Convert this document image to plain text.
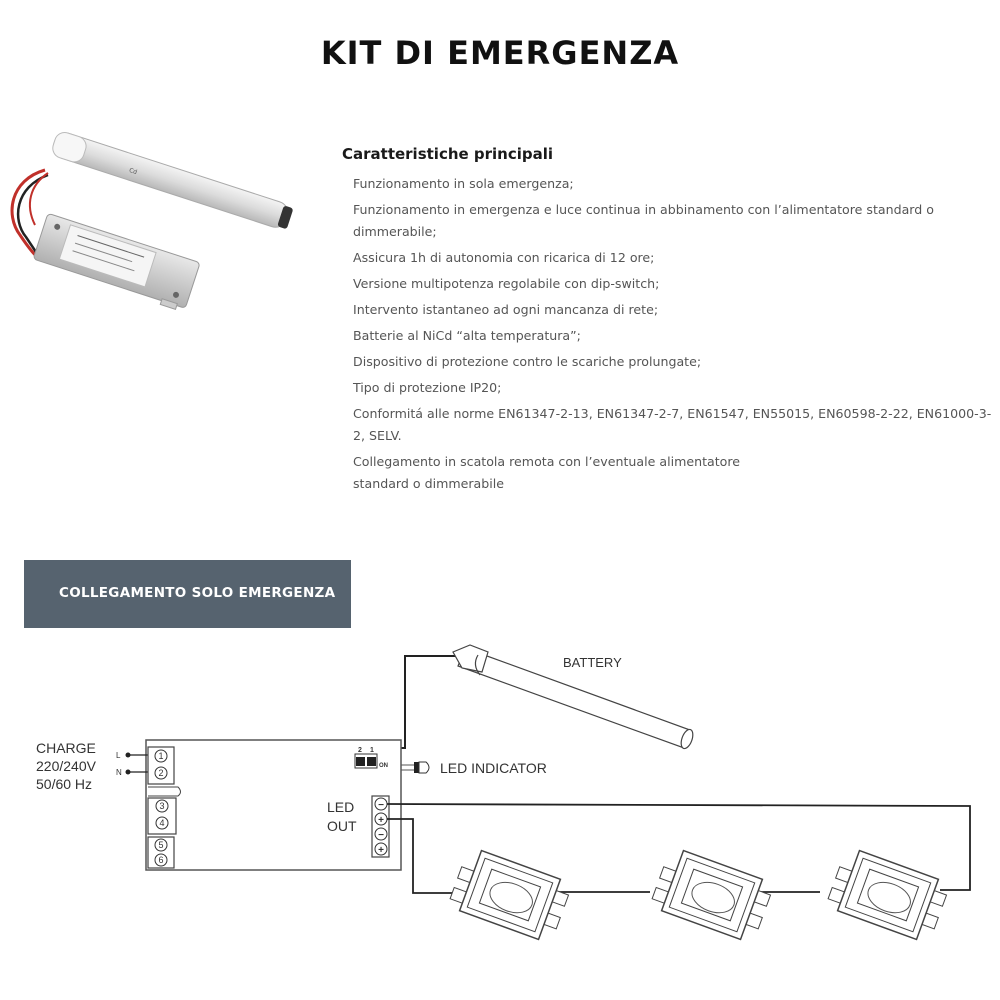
KIT DI EMERGENZA
Cd
Caratteristiche principali
Funzionamento in sola emergenza;
Funzionamento in emergenza e luce continua in abbinamento con l’alimentatore standard o dimmerabile;
Assicura 1h di autonomia con ricarica di 12 ore;
Versione multipotenza regolabile con dip-switch;
Intervento istantaneo ad ogni mancanza di rete;
Batterie al NiCd “alta temperatura”;
Dispositivo di protezione contro le scariche prolungate;
Tipo di protezione IP20;
Conformitá alle norme EN61347-2-13, EN61347-2-7, EN61547, EN55015, EN60598-2-22, EN61000-3-2, SELV.
Collegamento in scatola remota con l’eventuale alimentatore standard o dimmerabile
COLLEGAMENTO SOLO EMERGENZA
BATTERY
CHARGE
220/240V
50/60 Hz
L
N
1
2
3
4
5
6
2 1
ON	LED INDICATOR
LED
OUT
−
+
−
+
